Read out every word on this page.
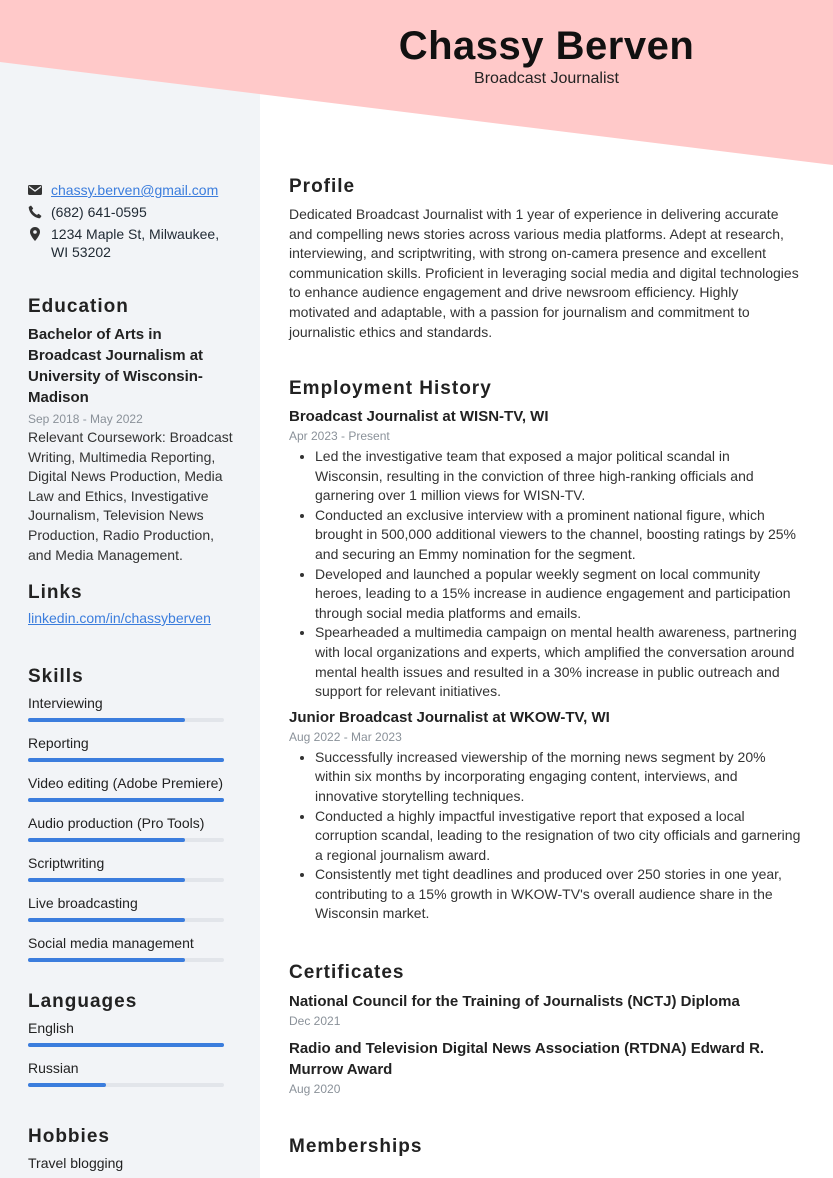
Chassy Berven
Broadcast Journalist
chassy.berven@gmail.com
(682) 641-0595
1234 Maple St, Milwaukee, WI 53202
Education
Bachelor of Arts in Broadcast Journalism at University of Wisconsin-Madison
Sep 2018 - May 2022
Relevant Coursework: Broadcast Writing, Multimedia Reporting, Digital News Production, Media Law and Ethics, Investigative Journalism, Television News Production, Radio Production, and Media Management.
Links
linkedin.com/in/chassyberven
Skills
Interviewing
Reporting
Video editing (Adobe Premiere)
Audio production (Pro Tools)
Scriptwriting
Live broadcasting
Social media management
Languages
English
Russian
Hobbies
Travel blogging
Profile

Dedicated Broadcast Journalist with 1 year of experience in delivering accurate and compelling news stories across various media platforms. Adept at research, interviewing, and scriptwriting, with strong on-camera presence and excellent communication skills. Proficient in leveraging social media and digital technologies to enhance audience engagement and drive newsroom efficiency. Highly motivated and adaptable, with a passion for journalism and commitment to journalistic ethics and standards.

Employment History
Broadcast Journalist at WISN-TV, WI
Apr 2023 - Present
• Led the investigative team that exposed a major political scandal in Wisconsin, resulting in the conviction of three high-ranking officials and garnering over 1 million views for WISN-TV.
• Conducted an exclusive interview with a prominent national figure, which brought in 500,000 additional viewers to the channel, boosting ratings by 25% and securing an Emmy nomination for the segment.
• Developed and launched a popular weekly segment on local community heroes, leading to a 15% increase in audience engagement and participation through social media platforms and emails.
• Spearheaded a multimedia campaign on mental health awareness, partnering with local organizations and experts, which amplified the conversation around mental health issues and resulted in a 30% increase in public outreach and support for relevant initiatives.
Junior Broadcast Journalist at WKOW-TV, WI
Aug 2022 - Mar 2023
• Successfully increased viewership of the morning news segment by 20% within six months by incorporating engaging content, interviews, and innovative storytelling techniques.
• Conducted a highly impactful investigative report that exposed a local corruption scandal, leading to the resignation of two city officials and garnering a regional journalism award.
• Consistently met tight deadlines and produced over 250 stories in one year, contributing to a 15% growth in WKOW-TV's overall audience share in the Wisconsin market.
Certificates
National Council for the Training of Journalists (NCTJ) Diploma
Dec 2021
Radio and Television Digital News Association (RTDNA) Edward R. Murrow Award
Aug 2020
Memberships
